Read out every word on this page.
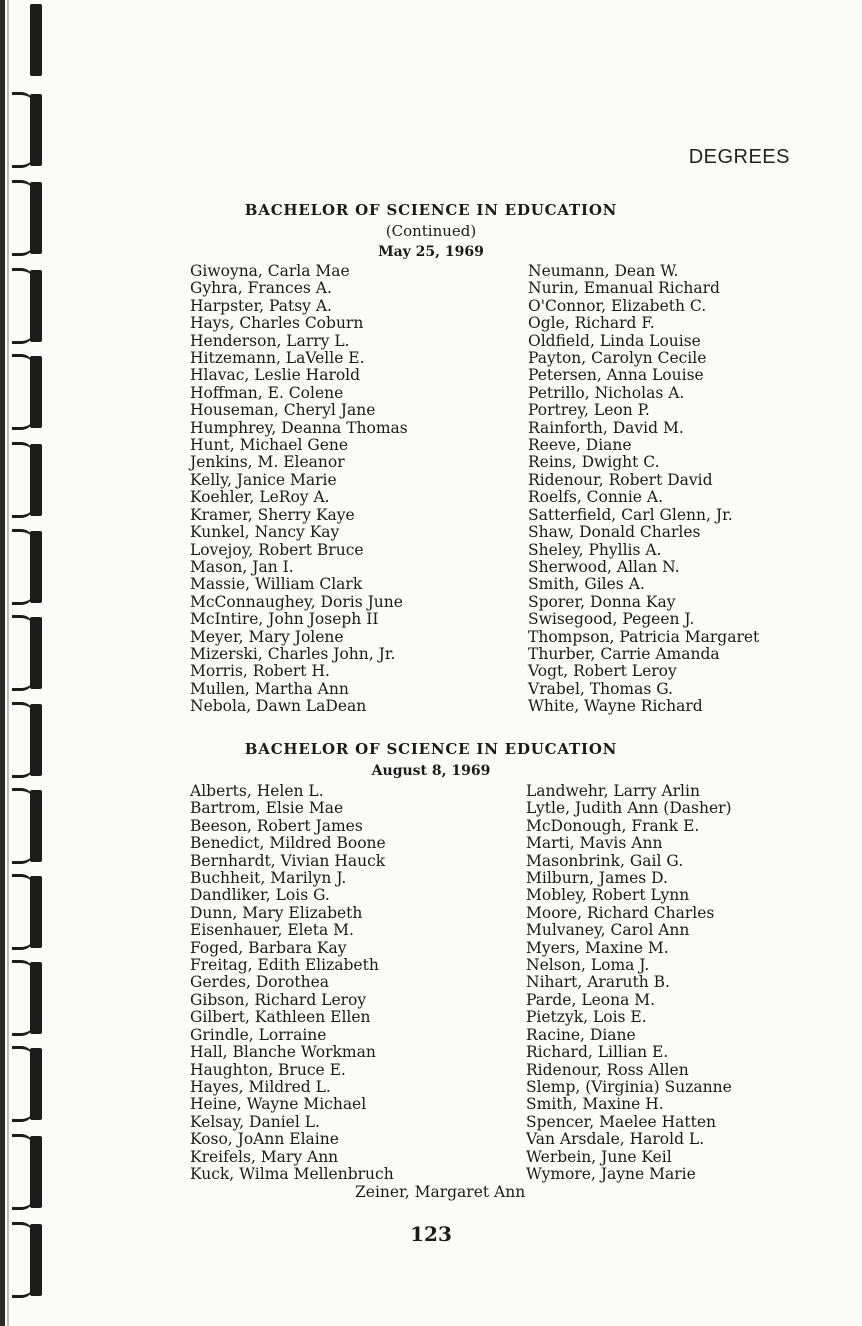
DEGREES
BACHELOR OF SCIENCE IN EDUCATION
(Continued)
May 25, 1969
Giwoyna, Carla Mae
Gyhra, Frances A.
Harpster, Patsy A.
Hays, Charles Coburn
Henderson, Larry L.
Hitzemann, LaVelle E.
Hlavac, Leslie Harold
Hoffman, E. Colene
Houseman, Cheryl Jane
Humphrey, Deanna Thomas
Hunt, Michael Gene
Jenkins, M. Eleanor
Kelly, Janice Marie
Koehler, LeRoy A.
Kramer, Sherry Kaye
Kunkel, Nancy Kay
Lovejoy, Robert Bruce
Mason, Jan I.
Massie, William Clark
McConnaughey, Doris June
McIntire, John Joseph II
Meyer, Mary Jolene
Mizerski, Charles John, Jr.
Morris, Robert H.
Mullen, Martha Ann
Nebola, Dawn LaDean
Neumann, Dean W.
Nurin, Emanual Richard
O'Connor, Elizabeth C.
Ogle, Richard F.
Oldfield, Linda Louise
Payton, Carolyn Cecile
Petersen, Anna Louise
Petrillo, Nicholas A.
Portrey, Leon P.
Rainforth, David M.
Reeve, Diane
Reins, Dwight C.
Ridenour, Robert David
Roelfs, Connie A.
Satterfield, Carl Glenn, Jr.
Shaw, Donald Charles
Sheley, Phyllis A.
Sherwood, Allan N.
Smith, Giles A.
Sporer, Donna Kay
Swisegood, Pegeen J.
Thompson, Patricia Margaret
Thurber, Carrie Amanda
Vogt, Robert Leroy
Vrabel, Thomas G.
White, Wayne Richard
BACHELOR OF SCIENCE IN EDUCATION
August 8, 1969
Alberts, Helen L.
Bartrom, Elsie Mae
Beeson, Robert James
Benedict, Mildred Boone
Bernhardt, Vivian Hauck
Buchheit, Marilyn J.
Dandliker, Lois G.
Dunn, Mary Elizabeth
Eisenhauer, Eleta M.
Foged, Barbara Kay
Freitag, Edith Elizabeth
Gerdes, Dorothea
Gibson, Richard Leroy
Gilbert, Kathleen Ellen
Grindle, Lorraine
Hall, Blanche Workman
Haughton, Bruce E.
Hayes, Mildred L.
Heine, Wayne Michael
Kelsay, Daniel L.
Koso, JoAnn Elaine
Kreifels, Mary Ann
Kuck, Wilma Mellenbruch
Landwehr, Larry Arlin
Lytle, Judith Ann (Dasher)
McDonough, Frank E.
Marti, Mavis Ann
Masonbrink, Gail G.
Milburn, James D.
Mobley, Robert Lynn
Moore, Richard Charles
Mulvaney, Carol Ann
Myers, Maxine M.
Nelson, Loma J.
Nihart, Araruth B.
Parde, Leona M.
Pietzyk, Lois E.
Racine, Diane
Richard, Lillian E.
Ridenour, Ross Allen
Slemp, (Virginia) Suzanne
Smith, Maxine H.
Spencer, Maelee Hatten
Van Arsdale, Harold L.
Werbein, June Keil
Wymore, Jayne Marie
Zeiner, Margaret Ann
123
